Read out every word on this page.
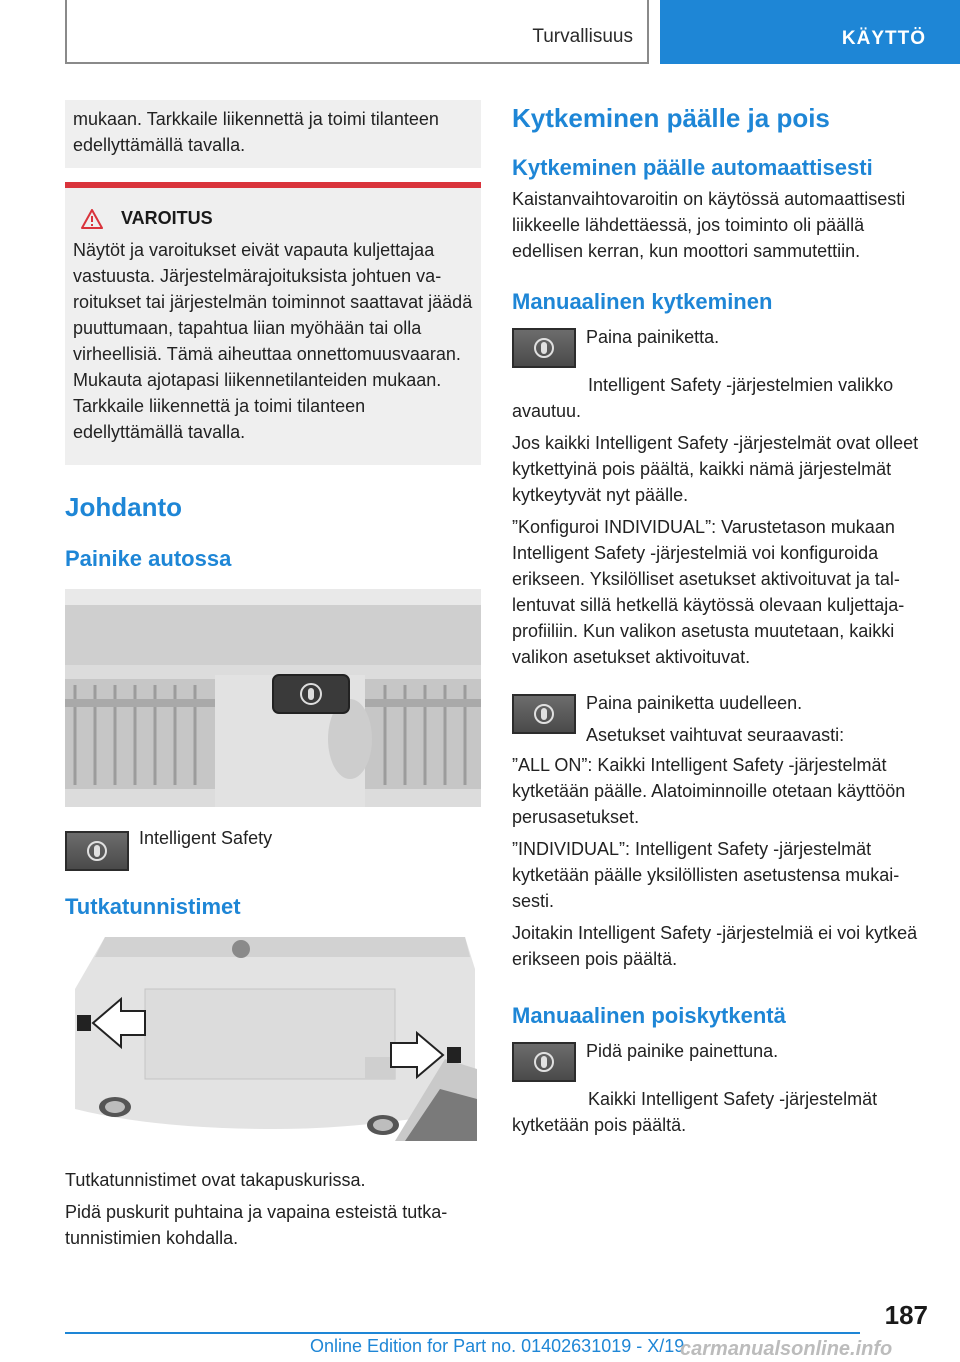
Turvallisuus	KÄYTTÖ
mukaan. Tarkkaile liikennettä ja toimi tilanteen edellyttämällä tavalla.
VAROITUS
Näytöt ja varoitukset eivät vapauta kuljettajaa vastuusta. Järjestelmärajoituksista johtuen varoitukset tai järjestelmän toiminnot saattavat jäädä puuttumaan, tapahtua liian myöhään tai olla virheellisiä. Tämä aiheuttaa onnettomuusvaaran. Mukauta ajotapasi liikennetilanteiden mukaan. Tarkkaile liikennettä ja toimi tilanteen edellyttämällä tavalla.
Johdanto
Painike autossa
Intelligent Safety
Tutkatunnistimet
Tutkatunnistimet ovat takapuskurissa.
Pidä puskurit puhtaina ja vapaina esteistä tutkatunnistimien kohdalla.
Kytkeminen päälle ja pois
Kytkeminen päälle automaattisesti
Kaistanvaihtovaroitin on käytössä automaattisesti liikkeelle lähdettäessä, jos toiminto oli päällä edellisen kerran, kun moottori sammutettiin.
Manuaalinen kytkeminen
Paina painiketta.
Intelligent Safety -järjestelmien valikko avautuu.
Jos kaikki Intelligent Safety -järjestelmät ovat olleet kytkettyinä pois päältä, kaikki nämä järjestelmät kytkeytyvät nyt päälle.
”Konfiguroi INDIVIDUAL”: Varustetason mukaan Intelligent Safety -järjestelmiä voi konfiguroida erikseen. Yksilölliset asetukset aktivoituvat ja tallentuvat sillä hetkellä käytössä olevaan kuljettajaprofiiliin. Kun valikon asetusta muutetaan, kaikki valikon asetukset aktivoituvat.
Paina painiketta uudelleen.
Asetukset vaihtuvat seuraavasti:
”ALL ON”: Kaikki Intelligent Safety -järjestelmät kytketään päälle. Alatoiminnoille otetaan käyttöön perusasetukset.
”INDIVIDUAL”: Intelligent Safety -järjestelmät kytketään päälle yksilöllisten asetustensa mukaisesti.
Joitakin Intelligent Safety -järjestelmiä ei voi kytkeä erikseen pois päältä.
Manuaalinen poiskytkentä
Pidä painike painettuna.
Kaikki Intelligent Safety -järjestelmät kytketään pois päältä.
187
Online Edition for Part no. 01402631019 - X/19
carmanualsonline.info
